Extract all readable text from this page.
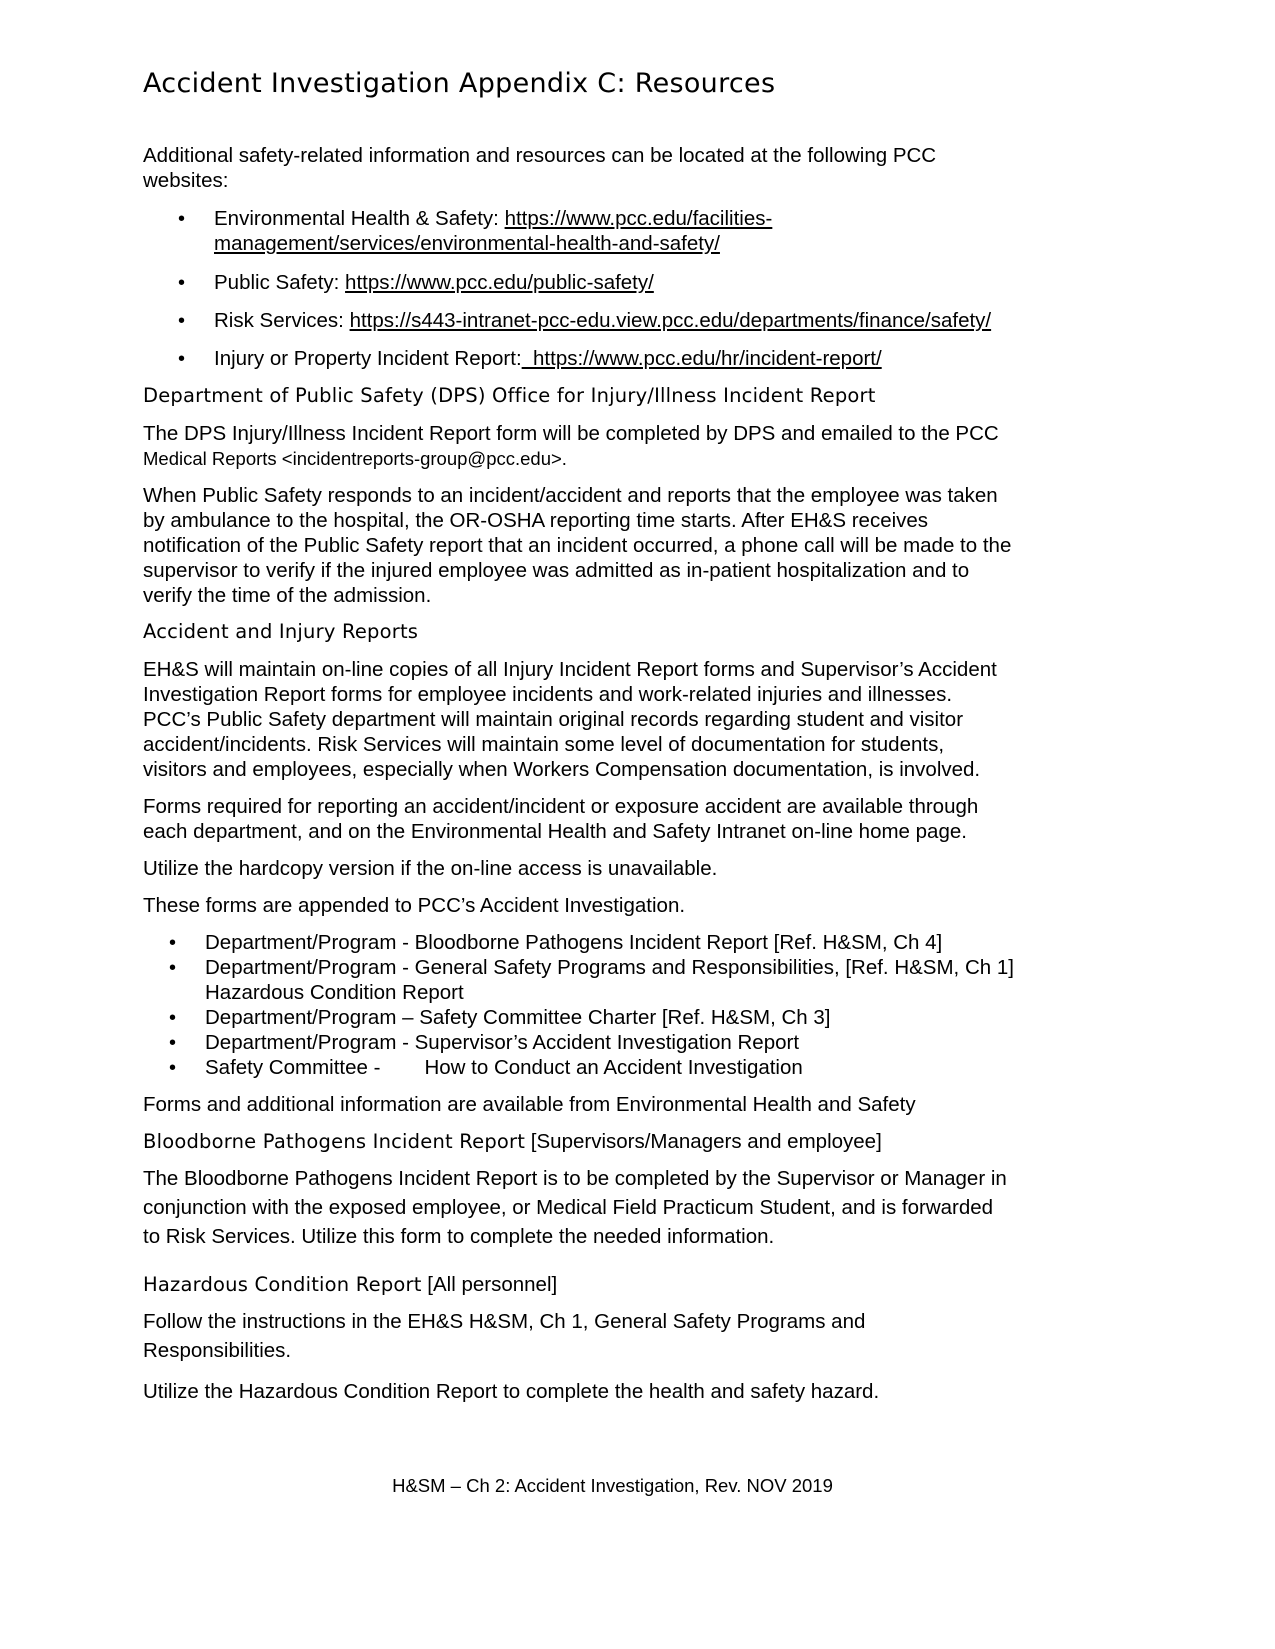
Accident Investigation Appendix C: Resources
Additional safety-related information and resources can be located at the following PCC
websites:
• Environmental Health & Safety: https://www.pcc.edu/facilities-
management/services/environmental-health-and-safety/
• Public Safety: https://www.pcc.edu/public-safety/
• Risk Services: https://s443-intranet-pcc-edu.view.pcc.edu/departments/finance/safety/
• Injury or Property Incident Report:  https://www.pcc.edu/hr/incident-report/
Department of Public Safety (DPS) Office for Injury/Illness Incident Report
The DPS Injury/Illness Incident Report form will be completed by DPS and emailed to the PCC
Medical Reports <incidentreports-group@pcc.edu>.
When Public Safety responds to an incident/accident and reports that the employee was taken
by ambulance to the hospital, the OR-OSHA reporting time starts. After EH&S receives
notification of the Public Safety report that an incident occurred, a phone call will be made to the
supervisor to verify if the injured employee was admitted as in-patient hospitalization and to
verify the time of the admission.
Accident and Injury Reports
EH&S will maintain on-line copies of all Injury Incident Report forms and Supervisor’s Accident
Investigation Report forms for employee incidents and work-related injuries and illnesses.
PCC’s Public Safety department will maintain original records regarding student and visitor
accident/incidents. Risk Services will maintain some level of documentation for students,
visitors and employees, especially when Workers Compensation documentation, is involved.
Forms required for reporting an accident/incident or exposure accident are available through
each department, and on the Environmental Health and Safety Intranet on-line home page.
Utilize the hardcopy version if the on-line access is unavailable.
These forms are appended to PCC’s Accident Investigation.
• Department/Program - Bloodborne Pathogens Incident Report [Ref. H&SM, Ch 4]
• Department/Program - General Safety Programs and Responsibilities, [Ref. H&SM, Ch 1]
Hazardous Condition Report
• Department/Program – Safety Committee Charter [Ref. H&SM, Ch 3]
• Department/Program - Supervisor’s Accident Investigation Report
• Safety Committee - How to Conduct an Accident Investigation
Forms and additional information are available from Environmental Health and Safety
Bloodborne Pathogens Incident Report [Supervisors/Managers and employee]
The Bloodborne Pathogens Incident Report is to be completed by the Supervisor or Manager in
conjunction with the exposed employee, or Medical Field Practicum Student, and is forwarded
to Risk Services. Utilize this form to complete the needed information.
Hazardous Condition Report [All personnel]
Follow the instructions in the EH&S H&SM, Ch 1, General Safety Programs and
Responsibilities.
Utilize the Hazardous Condition Report to complete the health and safety hazard.
H&SM – Ch 2: Accident Investigation, Rev. NOV 2019
